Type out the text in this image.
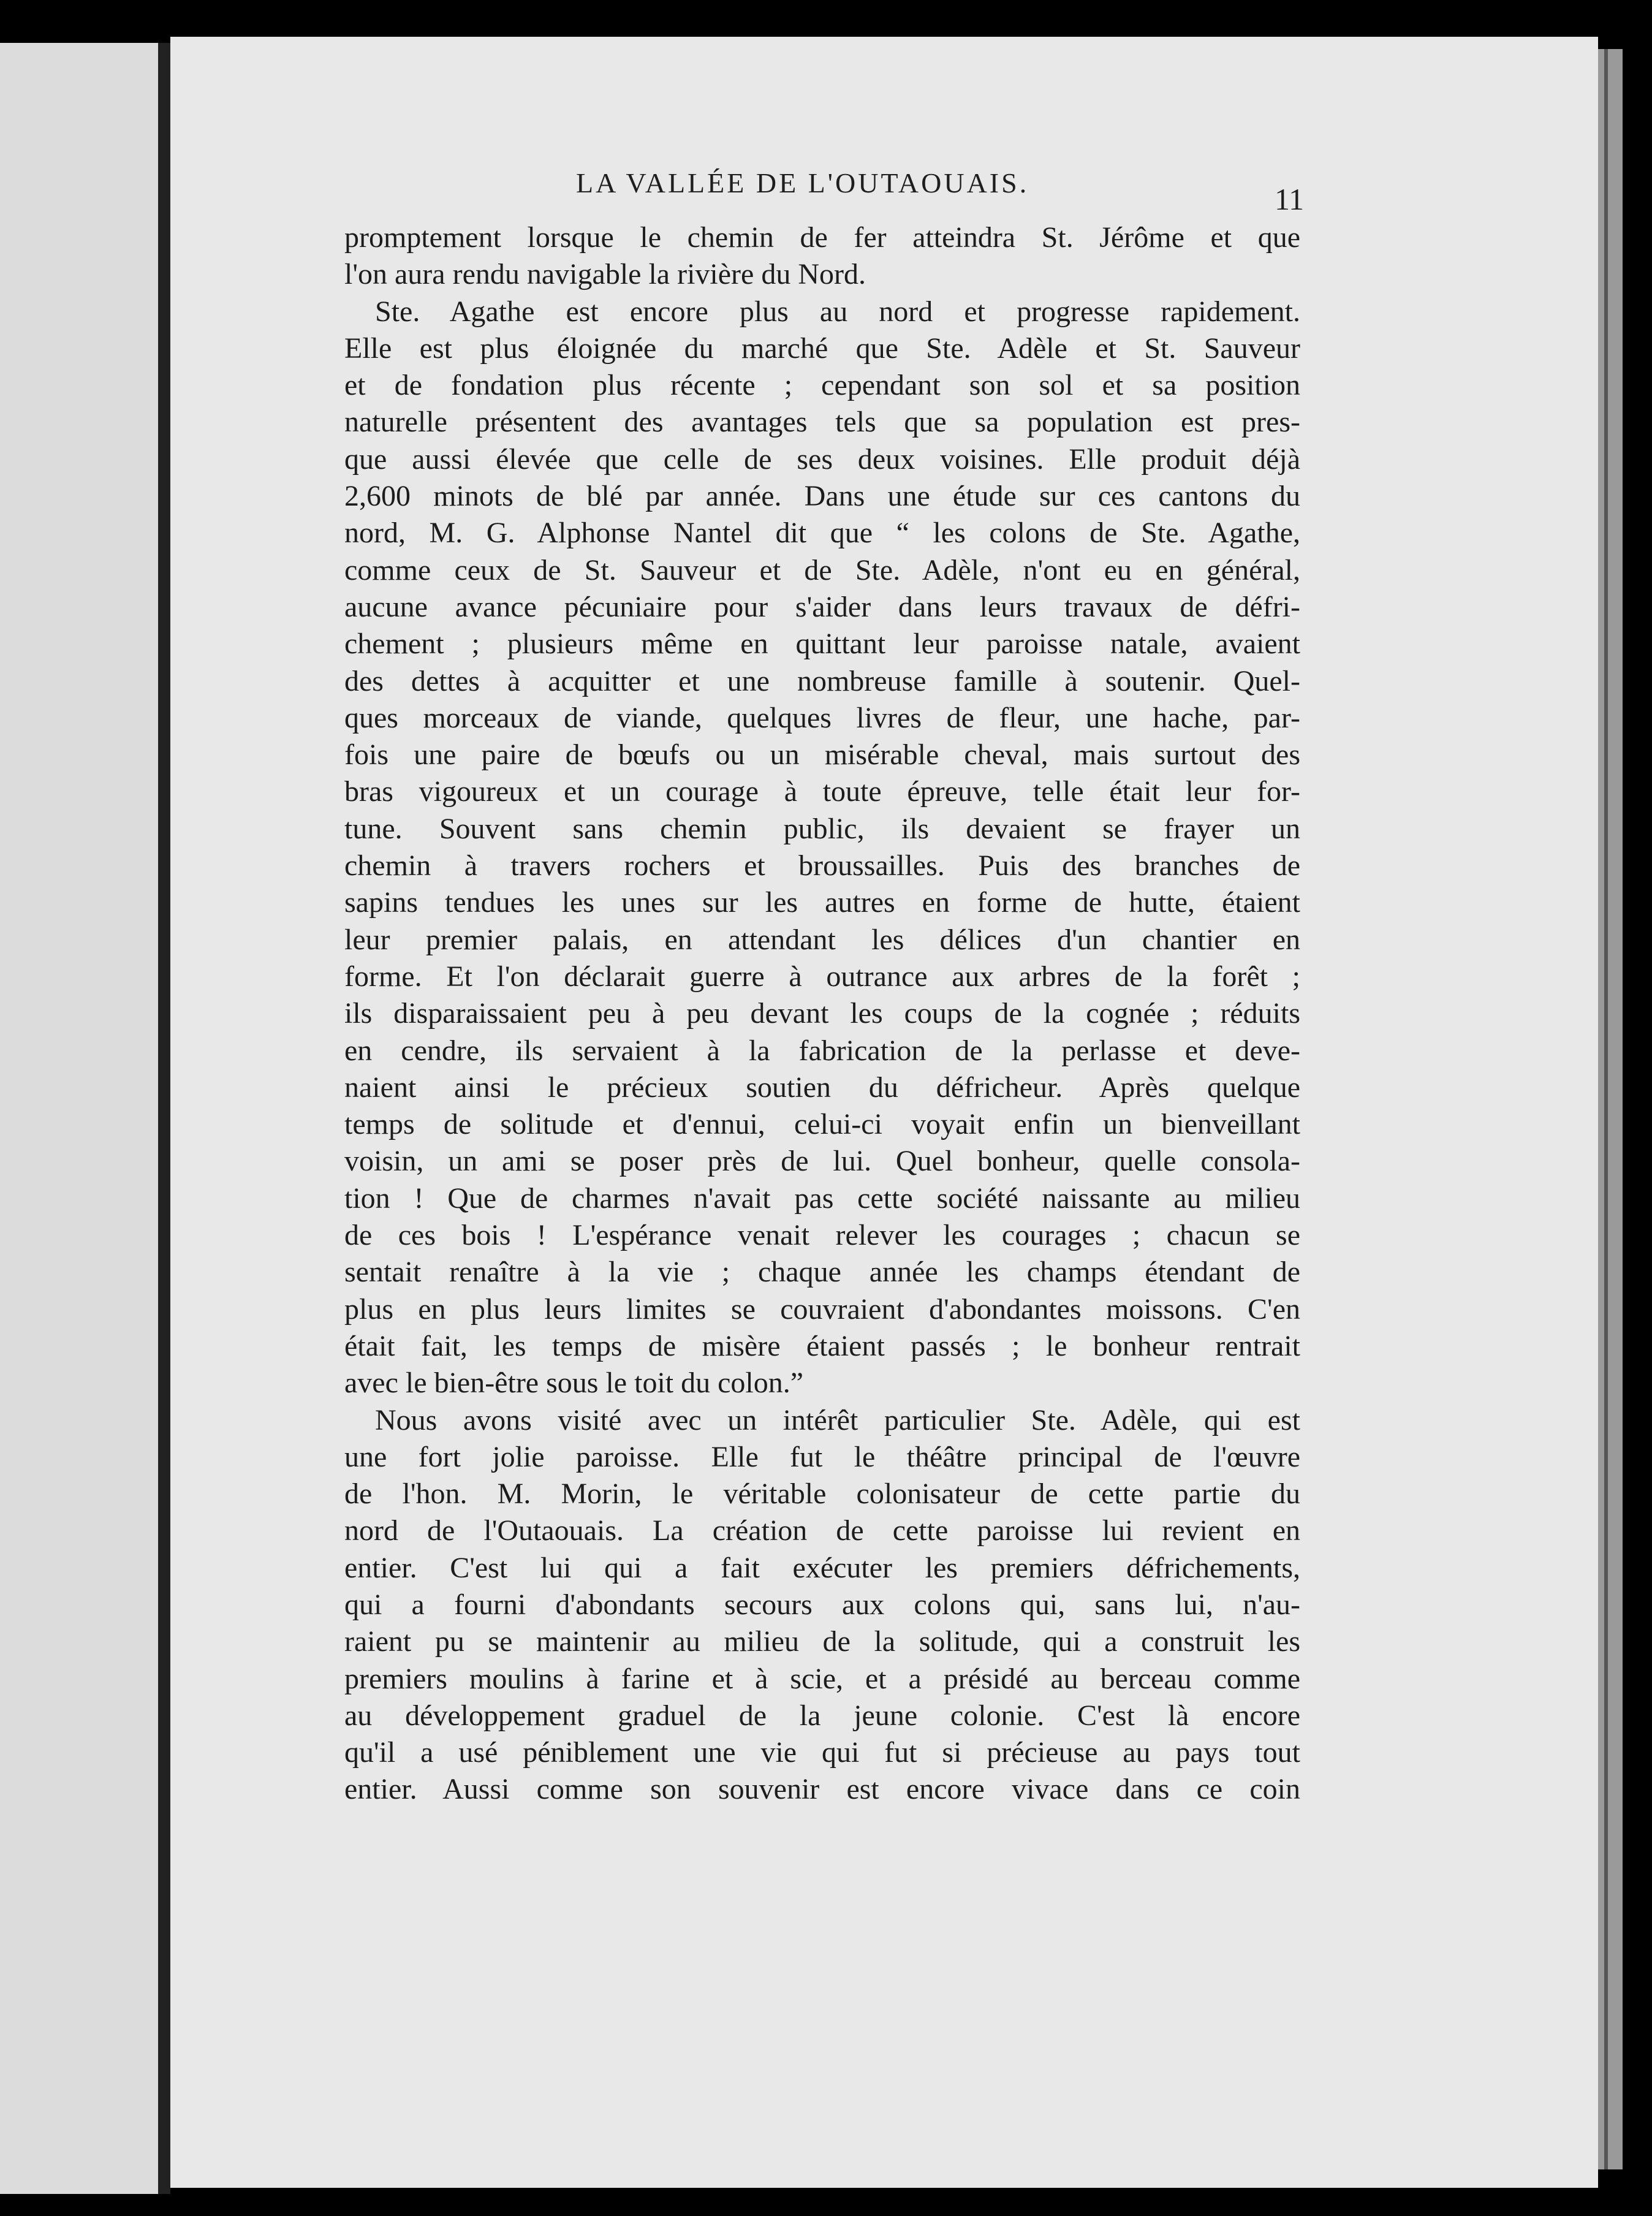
LA VALLÉE DE L'OUTAOUAIS.	11
promptement lorsque le chemin de fer atteindra St. Jérôme et que
l'on aura rendu navigable la rivière du Nord.
Ste. Agathe est encore plus au nord et progresse rapidement.
Elle est plus éloignée du marché que Ste. Adèle et St. Sauveur
et de fondation plus récente ; cependant son sol et sa position
naturelle présentent des avantages tels que sa population est pres-
que aussi élevée que celle de ses deux voisines. Elle produit déjà
2,600 minots de blé par année. Dans une étude sur ces cantons du
nord, M. G. Alphonse Nantel dit que “ les colons de Ste. Agathe,
comme ceux de St. Sauveur et de Ste. Adèle, n'ont eu en général,
aucune avance pécuniaire pour s'aider dans leurs travaux de défri-
chement ; plusieurs même en quittant leur paroisse natale, avaient
des dettes à acquitter et une nombreuse famille à soutenir. Quel-
ques morceaux de viande, quelques livres de fleur, une hache, par-
fois une paire de bœufs ou un misérable cheval, mais surtout des
bras vigoureux et un courage à toute épreuve, telle était leur for-
tune. Souvent sans chemin public, ils devaient se frayer un
chemin à travers rochers et broussailles. Puis des branches de
sapins tendues les unes sur les autres en forme de hutte, étaient
leur premier palais, en attendant les délices d'un chantier en
forme. Et l'on déclarait guerre à outrance aux arbres de la forêt ;
ils disparaissaient peu à peu devant les coups de la cognée ; réduits
en cendre, ils servaient à la fabrication de la perlasse et deve-
naient ainsi le précieux soutien du défricheur. Après quelque
temps de solitude et d'ennui, celui-ci voyait enfin un bienveillant
voisin, un ami se poser près de lui. Quel bonheur, quelle consola-
tion ! Que de charmes n'avait pas cette société naissante au milieu
de ces bois ! L'espérance venait relever les courages ; chacun se
sentait renaître à la vie ; chaque année les champs étendant de
plus en plus leurs limites se couvraient d'abondantes moissons. C'en
était fait, les temps de misère étaient passés ; le bonheur rentrait
avec le bien-être sous le toit du colon.”
Nous avons visité avec un intérêt particulier Ste. Adèle, qui est
une fort jolie paroisse. Elle fut le théâtre principal de l'œuvre
de l'hon. M. Morin, le véritable colonisateur de cette partie du
nord de l'Outaouais. La création de cette paroisse lui revient en
entier. C'est lui qui a fait exécuter les premiers défrichements,
qui a fourni d'abondants secours aux colons qui, sans lui, n'au-
raient pu se maintenir au milieu de la solitude, qui a construit les
premiers moulins à farine et à scie, et a présidé au berceau comme
au développement graduel de la jeune colonie. C'est là encore
qu'il a usé péniblement une vie qui fut si précieuse au pays tout
entier. Aussi comme son souvenir est encore vivace dans ce coin
